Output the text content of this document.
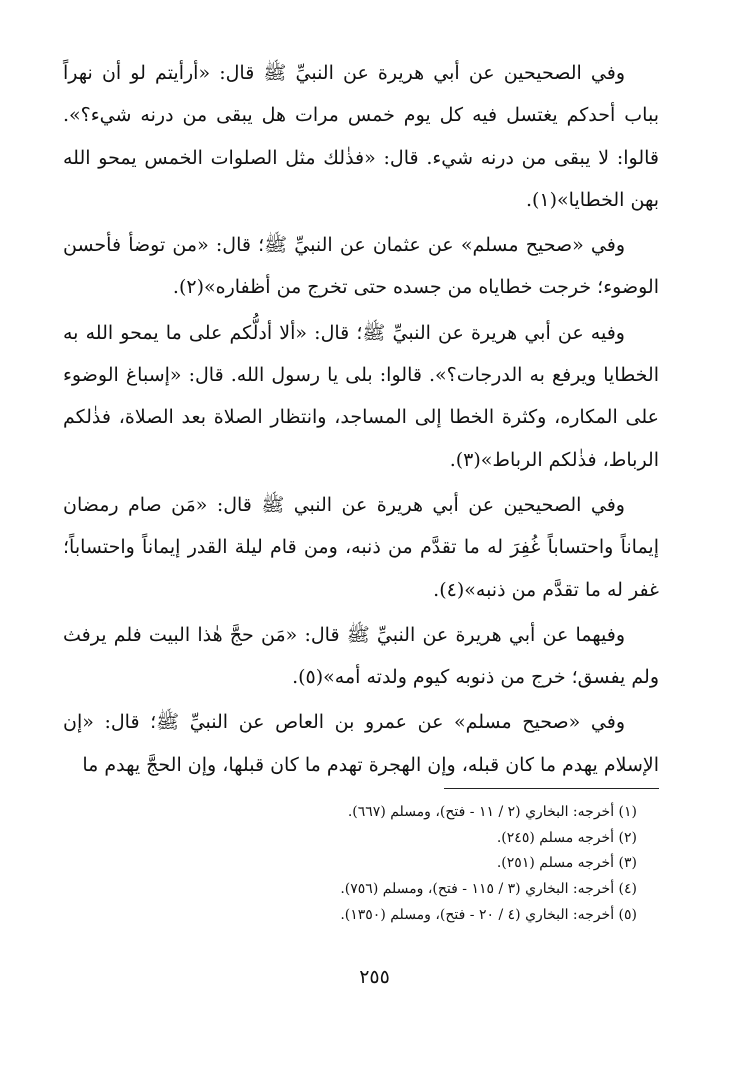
وفي الصحيحين عن أبي هريرة عن النبيِّ ﷺ قال: «أرأيتم لو أن نهراً بباب أحدكم يغتسل فيه كل يوم خمس مرات هل يبقى من درنه شيء؟». قالوا: لا يبقى من درنه شيء. قال: «فذٰلك مثل الصلوات الخمس يمحو الله بهن الخطايا»(١).

وفي «صحيح مسلم» عن عثمان عن النبيِّ ﷺ؛ قال: «من توضأ فأحسن الوضوء؛ خرجت خطاياه من جسده حتى تخرج من أظفاره»(٢).

وفيه عن أبي هريرة عن النبيِّ ﷺ؛ قال: «ألا أدلُّكم على ما يمحو الله به الخطايا ويرفع به الدرجات؟». قالوا: بلى يا رسول الله. قال: «إسباغ الوضوء على المكاره، وكثرة الخطا إلى المساجد، وانتظار الصلاة بعد الصلاة، فذٰلكم الرباط، فذٰلكم الرباط»(٣).

وفي الصحيحين عن أبي هريرة عن النبي ﷺ قال: «مَن صام رمضان إيماناً واحتساباً غُفِرَ له ما تقدَّم من ذنبه، ومن قام ليلة القدر إيماناً واحتساباً؛ غفر له ما تقدَّم من ذنبه»(٤).

وفيهما عن أبي هريرة عن النبيِّ ﷺ قال: «مَن حجَّ هٰذا البيت فلم يرفث ولم يفسق؛ خرج من ذنوبه كيوم ولدته أمه»(٥).

وفي «صحيح مسلم» عن عمرو بن العاص عن النبيِّ ﷺ؛ قال: «إن الإسلام يهدم ما كان قبله، وإن الهجرة تهدم ما كان قبلها، وإن الحجَّ يهدم ما

(١) أخرجه: البخاري (٢ / ١١ - فتح)، ومسلم (٦٦٧).

(٢) أخرجه مسلم (٢٤٥).

(٣) أخرجه مسلم (٢٥١).

(٤) أخرجه: البخاري (٣ / ١١٥ - فتح)، ومسلم (٧٥٦).

(٥) أخرجه: البخاري (٤ / ٢٠ - فتح)، ومسلم (١٣٥٠).

٢٥٥
